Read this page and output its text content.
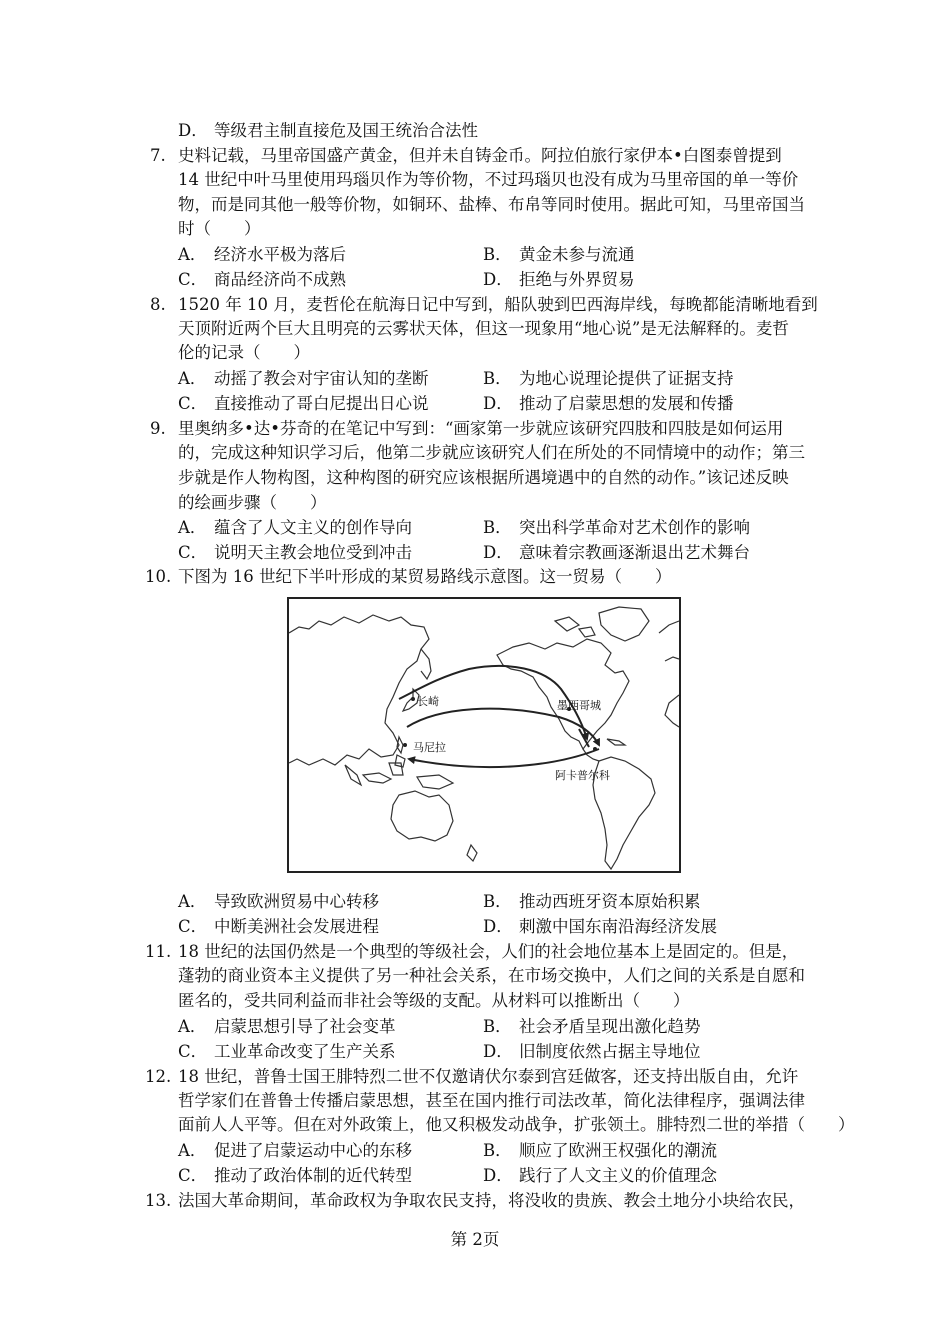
D． 等级君主制直接危及国王统治合法性
7. 史料记载，马里帝国盛产黄金，但并未自铸金币。阿拉伯旅行家伊本•白图泰曾提到
14 世纪中叶马里使用玛瑙贝作为等价物，不过玛瑙贝也没有成为马里帝国的单一等价
物，而是同其他一般等价物，如铜环、盐棒、布帛等同时使用。据此可知，马里帝国当
时（　　）
A． 经济水平极为落后	B． 黄金未参与流通
C． 商品经济尚不成熟	D． 拒绝与外界贸易
8. 1520 年 10 月，麦哲伦在航海日记中写到，船队驶到巴西海岸线，每晚都能清晰地看到
天顶附近两个巨大且明亮的云雾状天体，但这一现象用“地心说”是无法解释的。麦哲
伦的记录（　　）
A． 动摇了教会对宇宙认知的垄断	B． 为地心说理论提供了证据支持
C． 直接推动了哥白尼提出日心说	D． 推动了启蒙思想的发展和传播
9. 里奥纳多•达•芬奇的在笔记中写到：“画家第一步就应该研究四肢和四肢是如何运用
的，完成这种知识学习后，他第二步就应该研究人们在所处的不同情境中的动作；第三
步就是作人物构图，这种构图的研究应该根据所遇境遇中的自然的动作。”该记述反映
的绘画步骤（　　）
A． 蕴含了人文主义的创作导向	B． 突出科学革命对艺术创作的影响
C． 说明天主教会地位受到冲击	D． 意味着宗教画逐渐退出艺术舞台
10. 下图为 16 世纪下半叶形成的某贸易路线示意图。这一贸易（　　）
长崎
马尼拉
墨西哥城
阿卡普尔科
A． 导致欧洲贸易中心转移	B． 推动西班牙资本原始积累
C． 中断美洲社会发展进程	D． 刺激中国东南沿海经济发展
11. 18 世纪的法国仍然是一个典型的等级社会，人们的社会地位基本上是固定的。但是，
蓬勃的商业资本主义提供了另一种社会关系，在市场交换中，人们之间的关系是自愿和
匿名的，受共同利益而非社会等级的支配。从材料可以推断出（　　）
A． 启蒙思想引导了社会变革	B． 社会矛盾呈现出激化趋势
C． 工业革命改变了生产关系	D． 旧制度依然占据主导地位
12. 18 世纪，普鲁士国王腓特烈二世不仅邀请伏尔泰到宫廷做客，还支持出版自由，允许
哲学家们在普鲁士传播启蒙思想，甚至在国内推行司法改革，简化法律程序，强调法律
面前人人平等。但在对外政策上，他又积极发动战争，扩张领土。腓特烈二世的举措（　　）
A． 促进了启蒙运动中心的东移	B． 顺应了欧洲王权强化的潮流
C． 推动了政治体制的近代转型	D． 践行了人文主义的价值理念
13. 法国大革命期间，革命政权为争取农民支持，将没收的贵族、教会土地分小块给农民，
第 2页
